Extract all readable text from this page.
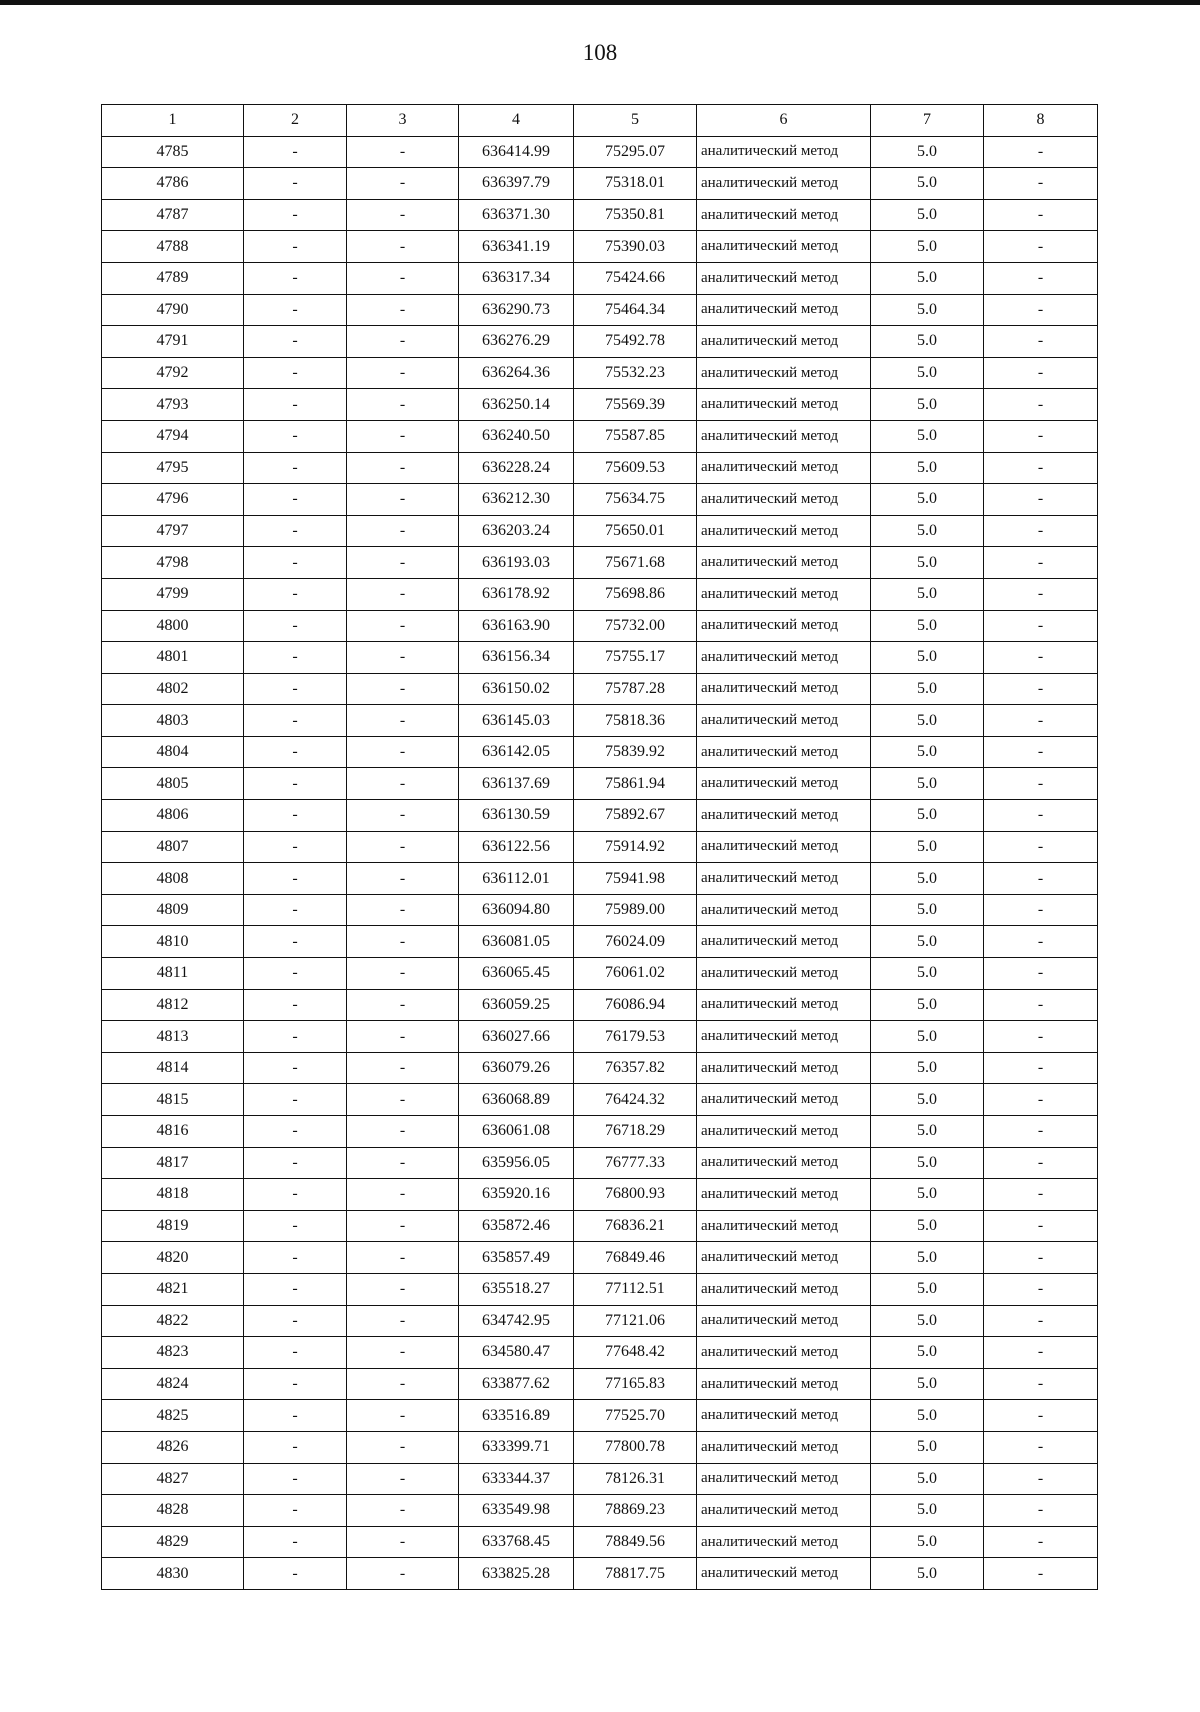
108
1	2	3	4	5	6	7	8
4785	-	-	636414.99	75295.07	аналитический метод	5.0	-
4786	-	-	636397.79	75318.01	аналитический метод	5.0	-
4787	-	-	636371.30	75350.81	аналитический метод	5.0	-
4788	-	-	636341.19	75390.03	аналитический метод	5.0	-
4789	-	-	636317.34	75424.66	аналитический метод	5.0	-
4790	-	-	636290.73	75464.34	аналитический метод	5.0	-
4791	-	-	636276.29	75492.78	аналитический метод	5.0	-
4792	-	-	636264.36	75532.23	аналитический метод	5.0	-
4793	-	-	636250.14	75569.39	аналитический метод	5.0	-
4794	-	-	636240.50	75587.85	аналитический метод	5.0	-
4795	-	-	636228.24	75609.53	аналитический метод	5.0	-
4796	-	-	636212.30	75634.75	аналитический метод	5.0	-
4797	-	-	636203.24	75650.01	аналитический метод	5.0	-
4798	-	-	636193.03	75671.68	аналитический метод	5.0	-
4799	-	-	636178.92	75698.86	аналитический метод	5.0	-
4800	-	-	636163.90	75732.00	аналитический метод	5.0	-
4801	-	-	636156.34	75755.17	аналитический метод	5.0	-
4802	-	-	636150.02	75787.28	аналитический метод	5.0	-
4803	-	-	636145.03	75818.36	аналитический метод	5.0	-
4804	-	-	636142.05	75839.92	аналитический метод	5.0	-
4805	-	-	636137.69	75861.94	аналитический метод	5.0	-
4806	-	-	636130.59	75892.67	аналитический метод	5.0	-
4807	-	-	636122.56	75914.92	аналитический метод	5.0	-
4808	-	-	636112.01	75941.98	аналитический метод	5.0	-
4809	-	-	636094.80	75989.00	аналитический метод	5.0	-
4810	-	-	636081.05	76024.09	аналитический метод	5.0	-
4811	-	-	636065.45	76061.02	аналитический метод	5.0	-
4812	-	-	636059.25	76086.94	аналитический метод	5.0	-
4813	-	-	636027.66	76179.53	аналитический метод	5.0	-
4814	-	-	636079.26	76357.82	аналитический метод	5.0	-
4815	-	-	636068.89	76424.32	аналитический метод	5.0	-
4816	-	-	636061.08	76718.29	аналитический метод	5.0	-
4817	-	-	635956.05	76777.33	аналитический метод	5.0	-
4818	-	-	635920.16	76800.93	аналитический метод	5.0	-
4819	-	-	635872.46	76836.21	аналитический метод	5.0	-
4820	-	-	635857.49	76849.46	аналитический метод	5.0	-
4821	-	-	635518.27	77112.51	аналитический метод	5.0	-
4822	-	-	634742.95	77121.06	аналитический метод	5.0	-
4823	-	-	634580.47	77648.42	аналитический метод	5.0	-
4824	-	-	633877.62	77165.83	аналитический метод	5.0	-
4825	-	-	633516.89	77525.70	аналитический метод	5.0	-
4826	-	-	633399.71	77800.78	аналитический метод	5.0	-
4827	-	-	633344.37	78126.31	аналитический метод	5.0	-
4828	-	-	633549.98	78869.23	аналитический метод	5.0	-
4829	-	-	633768.45	78849.56	аналитический метод	5.0	-
4830	-	-	633825.28	78817.75	аналитический метод	5.0	-
